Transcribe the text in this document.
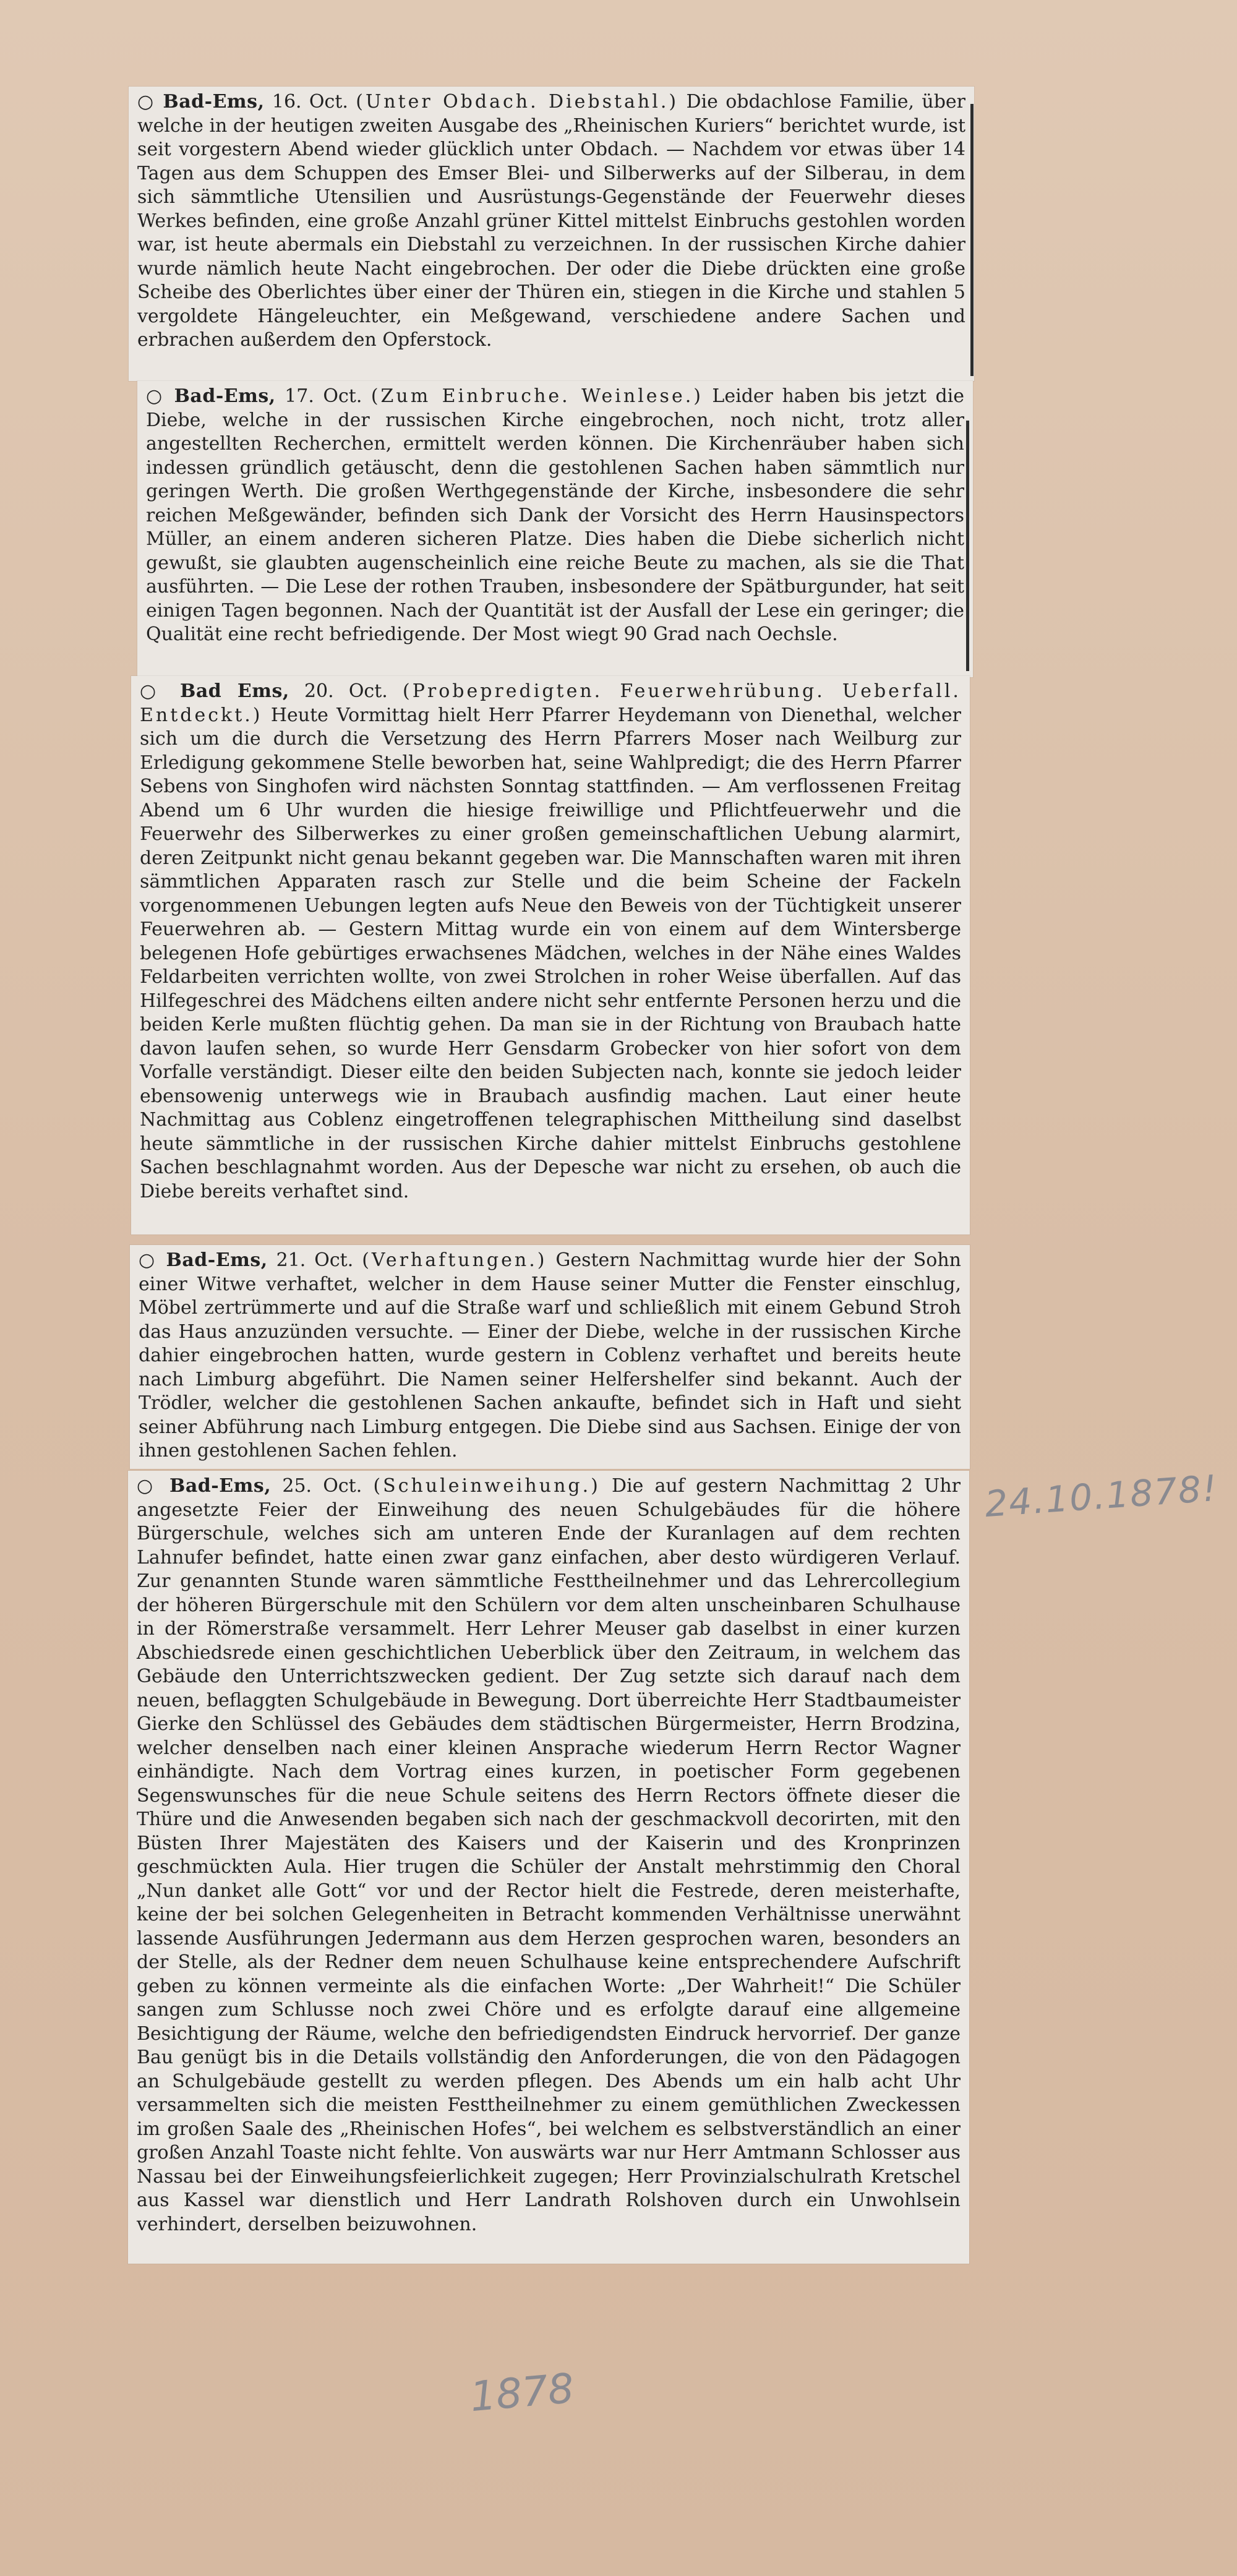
○ Bad-Ems, 16. Oct. (Unter Obdach. Diebstahl.) Die obdachlose Familie, über welche in der heutigen zweiten Ausgabe des „Rheinischen Kuriers“ berichtet wurde, ist seit vorgestern Abend wieder glücklich unter Obdach. — Nachdem vor etwas über 14 Tagen aus dem Schuppen des Emser Blei- und Silberwerks auf der Silberau, in dem sich sämmtliche Utensilien und Ausrüstungs-Gegenstände der Feuerwehr dieses Werkes befinden, eine große Anzahl grüner Kittel mittelst Einbruchs gestohlen worden war, ist heute abermals ein Diebstahl zu verzeichnen. In der russischen Kirche dahier wurde nämlich heute Nacht eingebrochen. Der oder die Diebe drückten eine große Scheibe des Oberlichtes über einer der Thüren ein, stiegen in die Kirche und stahlen 5 vergoldete Hängeleuchter, ein Meßgewand, verschiedene andere Sachen und erbrachen außerdem den Opferstock.

○ Bad-Ems, 17. Oct. (Zum Einbruche. Weinlese.) Leider haben bis jetzt die Diebe, welche in der russischen Kirche eingebrochen, noch nicht, trotz aller angestellten Recherchen, ermittelt werden können. Die Kirchenräuber haben sich indessen gründlich getäuscht, denn die gestohlenen Sachen haben sämmtlich nur geringen Werth. Die großen Werthgegenstände der Kirche, insbesondere die sehr reichen Meßgewänder, befinden sich Dank der Vorsicht des Herrn Hausinspectors Müller, an einem anderen sicheren Platze. Dies haben die Diebe sicherlich nicht gewußt, sie glaubten augenscheinlich eine reiche Beute zu machen, als sie die That ausführten. — Die Lese der rothen Trauben, insbesondere der Spätburgunder, hat seit einigen Tagen begonnen. Nach der Quantität ist der Ausfall der Lese ein geringer; die Qualität eine recht befriedigende. Der Most wiegt 90 Grad nach Oechsle.

○ Bad Ems, 20. Oct. (Probepredigten. Feuerwehrübung. Ueberfall. Entdeckt.) Heute Vormittag hielt Herr Pfarrer Heydemann von Dienethal, welcher sich um die durch die Versetzung des Herrn Pfarrers Moser nach Weilburg zur Erledigung gekommene Stelle beworben hat, seine Wahlpredigt; die des Herrn Pfarrer Sebens von Singhofen wird nächsten Sonntag stattfinden. — Am verflossenen Freitag Abend um 6 Uhr wurden die hiesige freiwillige und Pflichtfeuerwehr und die Feuerwehr des Silberwerkes zu einer großen gemeinschaftlichen Uebung alarmirt, deren Zeitpunkt nicht genau bekannt gegeben war. Die Mannschaften waren mit ihren sämmtlichen Apparaten rasch zur Stelle und die beim Scheine der Fackeln vorgenommenen Uebungen legten aufs Neue den Beweis von der Tüchtigkeit unserer Feuerwehren ab. — Gestern Mittag wurde ein von einem auf dem Wintersberge belegenen Hofe gebürtiges erwachsenes Mädchen, welches in der Nähe eines Waldes Feldarbeiten verrichten wollte, von zwei Strolchen in roher Weise überfallen. Auf das Hilfegeschrei des Mädchens eilten andere nicht sehr entfernte Personen herzu und die beiden Kerle mußten flüchtig gehen. Da man sie in der Richtung von Braubach hatte davon laufen sehen, so wurde Herr Gensdarm Grobecker von hier sofort von dem Vorfalle verständigt. Dieser eilte den beiden Subjecten nach, konnte sie jedoch leider ebensowenig unterwegs wie in Braubach ausfindig machen. Laut einer heute Nachmittag aus Coblenz eingetroffenen telegraphischen Mittheilung sind daselbst heute sämmtliche in der russischen Kirche dahier mittelst Einbruchs gestohlene Sachen beschlagnahmt worden. Aus der Depesche war nicht zu ersehen, ob auch die Diebe bereits verhaftet sind.

○ Bad-Ems, 21. Oct. (Verhaftungen.) Gestern Nachmittag wurde hier der Sohn einer Witwe verhaftet, welcher in dem Hause seiner Mutter die Fenster einschlug, Möbel zertrümmerte und auf die Straße warf und schließlich mit einem Gebund Stroh das Haus anzuzünden versuchte. — Einer der Diebe, welche in der russischen Kirche dahier eingebrochen hatten, wurde gestern in Coblenz verhaftet und bereits heute nach Limburg abgeführt. Die Namen seiner Helfershelfer sind bekannt. Auch der Trödler, welcher die gestohlenen Sachen ankaufte, befindet sich in Haft und sieht seiner Abführung nach Limburg entgegen. Die Diebe sind aus Sachsen. Einige der von ihnen gestohlenen Sachen fehlen.

○ Bad-Ems, 25. Oct. (Schuleinweihung.) Die auf gestern Nachmittag 2 Uhr angesetzte Feier der Einweihung des neuen Schulgebäudes für die höhere Bürgerschule, welches sich am unteren Ende der Kuranlagen auf dem rechten Lahnufer befindet, hatte einen zwar ganz einfachen, aber desto würdigeren Verlauf. Zur genannten Stunde waren sämmtliche Festtheilnehmer und das Lehrercollegium der höheren Bürgerschule mit den Schülern vor dem alten unscheinbaren Schulhause in der Römerstraße versammelt. Herr Lehrer Meuser gab daselbst in einer kurzen Abschiedsrede einen geschichtlichen Ueberblick über den Zeitraum, in welchem das Gebäude den Unterrichtszwecken gedient. Der Zug setzte sich darauf nach dem neuen, beflaggten Schulgebäude in Bewegung. Dort überreichte Herr Stadtbaumeister Gierke den Schlüssel des Gebäudes dem städtischen Bürgermeister, Herrn Brodzina, welcher denselben nach einer kleinen Ansprache wiederum Herrn Rector Wagner einhändigte. Nach dem Vortrag eines kurzen, in poetischer Form gegebenen Segenswunsches für die neue Schule seitens des Herrn Rectors öffnete dieser die Thüre und die Anwesenden begaben sich nach der geschmackvoll decorirten, mit den Büsten Ihrer Majestäten des Kaisers und der Kaiserin und des Kronprinzen geschmückten Aula. Hier trugen die Schüler der Anstalt mehrstimmig den Choral „Nun danket alle Gott“ vor und der Rector hielt die Festrede, deren meisterhafte, keine der bei solchen Gelegenheiten in Betracht kommenden Verhältnisse unerwähnt lassende Ausführungen Jedermann aus dem Herzen gesprochen waren, besonders an der Stelle, als der Redner dem neuen Schulhause keine entsprechendere Aufschrift geben zu können vermeinte als die einfachen Worte: „Der Wahrheit!“ Die Schüler sangen zum Schlusse noch zwei Chöre und es erfolgte darauf eine allgemeine Besichtigung der Räume, welche den befriedigendsten Eindruck hervorrief. Der ganze Bau genügt bis in die Details vollständig den Anforderungen, die von den Pädagogen an Schulgebäude gestellt zu werden pflegen. Des Abends um ein halb acht Uhr versammelten sich die meisten Festtheilnehmer zu einem gemüthlichen Zweckessen im großen Saale des „Rheinischen Hofes“, bei welchem es selbstverständlich an einer großen Anzahl Toaste nicht fehlte. Von auswärts war nur Herr Amtmann Schlosser aus Nassau bei der Einweihungsfeierlichkeit zugegen; Herr Provinzialschulrath Kretschel aus Kassel war dienstlich und Herr Landrath Rolshoven durch ein Unwohlsein verhindert, derselben beizuwohnen.

24.10.1878!
1878
